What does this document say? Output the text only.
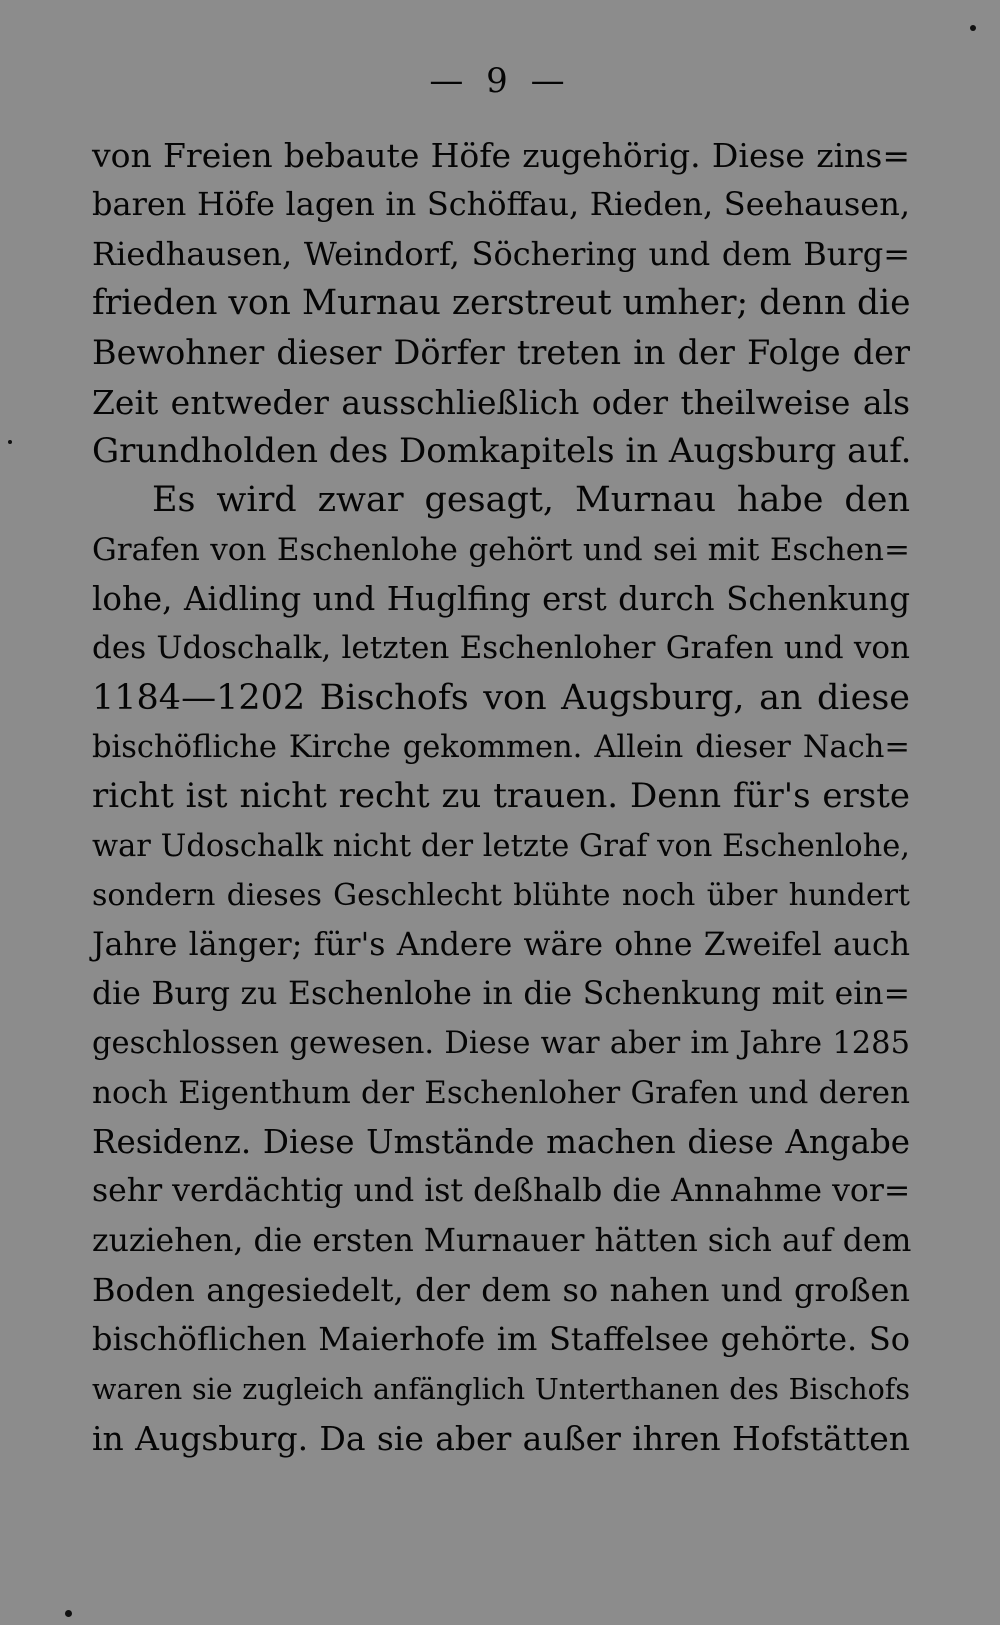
— 9 —
von Freien bebaute Höfe zugehörig. Diese zins=
baren Höfe lagen in Schöffau, Rieden, Seehausen,
Riedhausen, Weindorf, Söchering und dem Burg=
frieden von Murnau zerstreut umher; denn die
Bewohner dieser Dörfer treten in der Folge der
Zeit entweder ausschließlich oder theilweise als
Grundholden des Domkapitels in Augsburg auf.
Es wird zwar gesagt, Murnau habe den
Grafen von Eschenlohe gehört und sei mit Eschen=
lohe, Aidling und Huglfing erst durch Schenkung
des Udoschalk, letzten Eschenloher Grafen und von
1184—1202 Bischofs von Augsburg, an diese
bischöfliche Kirche gekommen. Allein dieser Nach=
richt ist nicht recht zu trauen. Denn für's erste
war Udoschalk nicht der letzte Graf von Eschenlohe,
sondern dieses Geschlecht blühte noch über hundert
Jahre länger; für's Andere wäre ohne Zweifel auch
die Burg zu Eschenlohe in die Schenkung mit ein=
geschlossen gewesen. Diese war aber im Jahre 1285
noch Eigenthum der Eschenloher Grafen und deren
Residenz. Diese Umstände machen diese Angabe
sehr verdächtig und ist deßhalb die Annahme vor=
zuziehen, die ersten Murnauer hätten sich auf dem
Boden angesiedelt, der dem so nahen und großen
bischöflichen Maierhofe im Staffelsee gehörte. So
waren sie zugleich anfänglich Unterthanen des Bischofs
in Augsburg. Da sie aber außer ihren Hofstätten
